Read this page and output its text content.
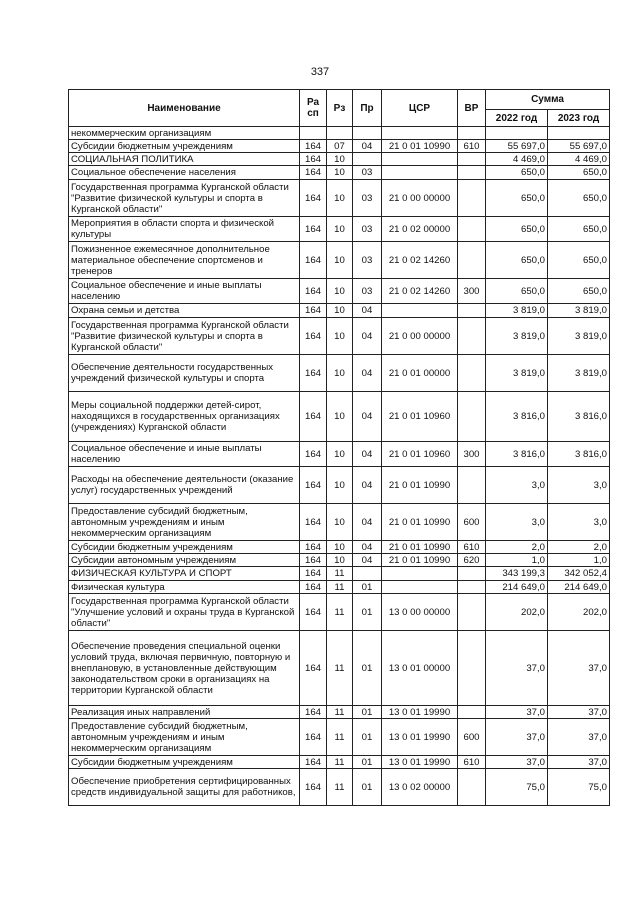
337
Наименование	Ра сп	Рз	Пр	ЦСР	ВР	Сумма	
						2022 год	2023 год
некоммерческим организациям							
Субсидии бюджетным учреждениям	164	07	04	21 0 01 10990	610	55 697,0	55 697,0
СОЦИАЛЬНАЯ ПОЛИТИКА	164	10				4 469,0	4 469,0
Социальное обеспечение населения	164	10	03			650,0	650,0
Государственная программа Курганской области "Развитие физической культуры и спорта в Курганской области"	164	10	03	21 0 00 00000		650,0	650,0
Мероприятия в области спорта и физической культуры	164	10	03	21 0 02 00000		650,0	650,0
Пожизненное ежемесячное дополнительное материальное обеспечение спортсменов и тренеров	164	10	03	21 0 02 14260		650,0	650,0
Социальное обеспечение и иные выплаты населению	164	10	03	21 0 02 14260	300	650,0	650,0
Охрана семьи и детства	164	10	04			3 819,0	3 819,0
Государственная программа Курганской области "Развитие физической культуры и спорта в Курганской области"	164	10	04	21 0 00 00000		3 819,0	3 819,0
Обеспечение деятельности государственных учреждений физической культуры и спорта	164	10	04	21 0 01 00000		3 819,0	3 819,0
Меры социальной поддержки детей-сирот, находящихся в государственных организациях (учреждениях) Курганской области	164	10	04	21 0 01 10960		3 816,0	3 816,0
Социальное обеспечение и иные выплаты населению	164	10	04	21 0 01 10960	300	3 816,0	3 816,0
Расходы на обеспечение деятельности (оказание услуг) государственных учреждений	164	10	04	21 0 01 10990		3,0	3,0
Предоставление субсидий бюджетным, автономным учреждениям и иным некоммерческим организациям	164	10	04	21 0 01 10990	600	3,0	3,0
Субсидии бюджетным учреждениям	164	10	04	21 0 01 10990	610	2,0	2,0
Субсидии автономным учреждениям	164	10	04	21 0 01 10990	620	1,0	1,0
ФИЗИЧЕСКАЯ КУЛЬТУРА И СПОРТ	164	11				343 199,3	342 052,4
Физическая культура	164	11	01			214 649,0	214 649,0
Государственная программа Курганской области "Улучшение условий и охраны труда в Курганской области"	164	11	01	13 0 00 00000		202,0	202,0
Обеспечение проведения специальной оценки условий труда, включая первичную, повторную и внеплановую, в установленные действующим законодательством сроки в организациях на территории Курганской области	164	11	01	13 0 01 00000		37,0	37,0
Реализация иных направлений	164	11	01	13 0 01 19990		37,0	37,0
Предоставление субсидий бюджетным, автономным учреждениям и иным некоммерческим организациям	164	11	01	13 0 01 19990	600	37,0	37,0
Субсидии бюджетным учреждениям	164	11	01	13 0 01 19990	610	37,0	37,0
Обеспечение приобретения сертифицированных средств индивидуальной защиты для работников,	164	11	01	13 0 02 00000		75,0	75,0
